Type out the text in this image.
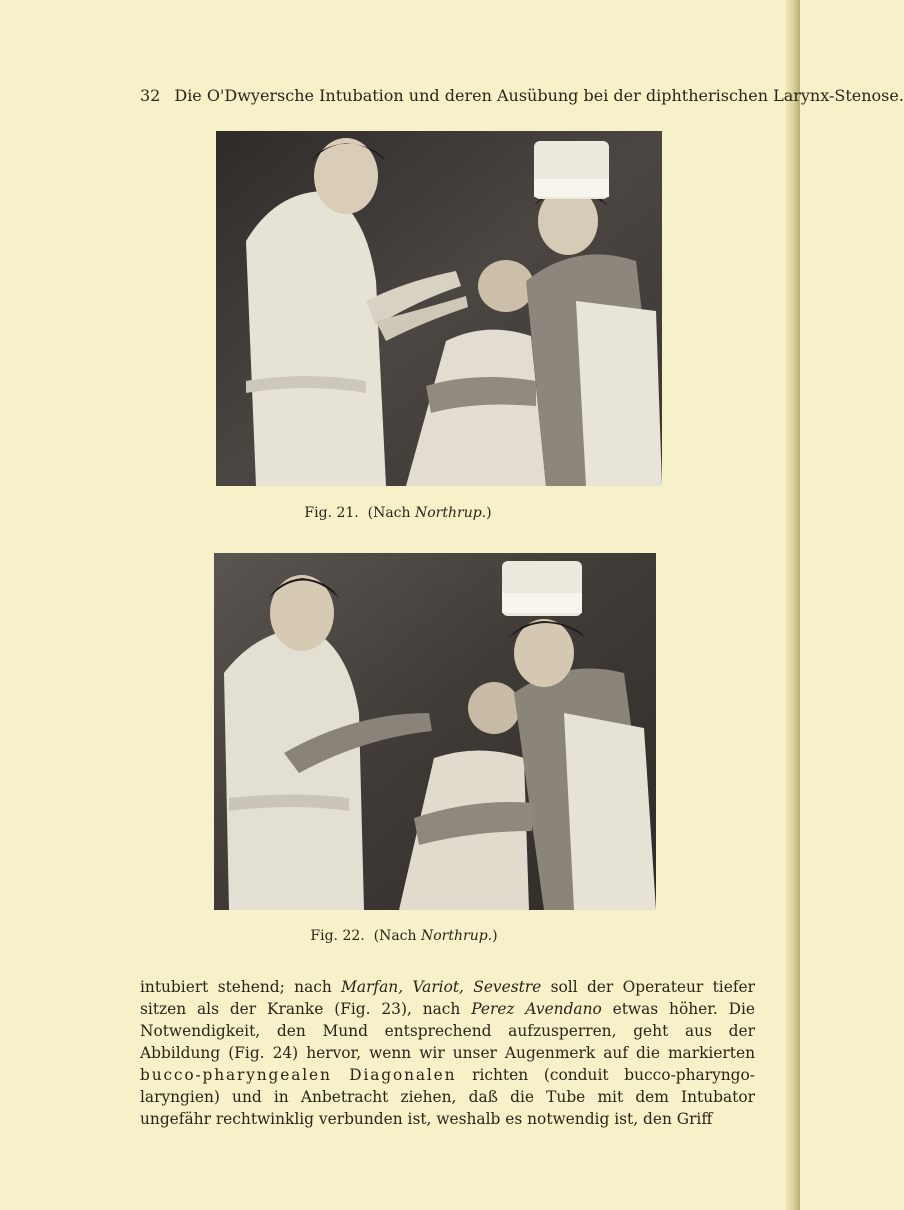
32 Die O'Dwyersche Intubation und deren Ausübung bei der diphtherischen Larynx-Stenose.
Fig. 21. (Nach Northrup.)
Fig. 22. (Nach Northrup.)

intubiert stehend; nach Marfan, Variot, Sevestre soll der Operateur tiefer sitzen als der Kranke (Fig. 23), nach Perez Avendano etwas höher. Die Notwendigkeit, den Mund entsprechend aufzusperren, geht aus der Abbildung (Fig. 24) hervor, wenn wir unser Augenmerk auf die markierten bucco-pharyngealen Diagonalen richten (conduit bucco-pharyngo-laryngien) und in Anbetracht ziehen, daß die Tube mit dem Intubator ungefähr rechtwinklig verbunden ist, weshalb es notwendig ist, den Griff
